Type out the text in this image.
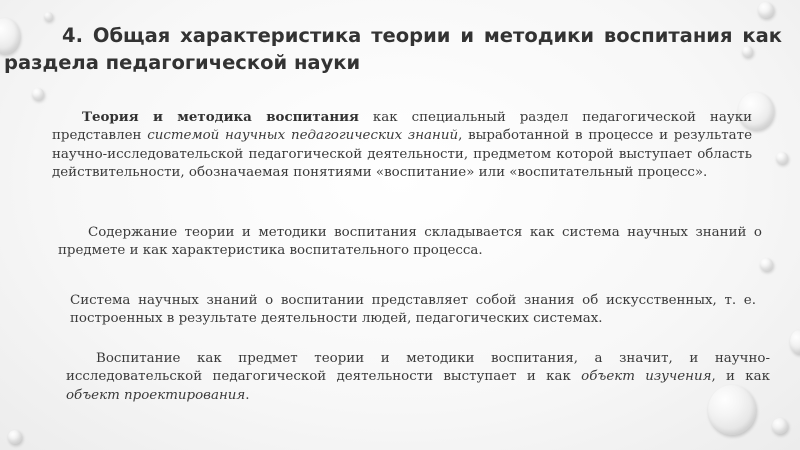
4. Общая характеристика теории и методики воспитания как
раздела педагогической науки
Теория и методика воспитания как специальный раздел педагогической науки представлен системой научных педагогических знаний, выработанной в процессе и результате научно-исследовательской педагогической деятельности, предметом которой выступает область действительности, обозначаемая понятиями «воспитание» или «воспитательный процесс».
Содержание теории и методики воспитания складывается как система научных знаний о предмете и как характеристика воспитательного процесса.
Система научных знаний о воспитании представляет собой знания об искусственных, т. е. построенных в результате деятельности людей, педагогических системах.
Воспитание как предмет теории и методики воспитания, а значит, и научно-исследовательской педагогической деятельности выступает и как объект изучения, и как объект проектирования.
